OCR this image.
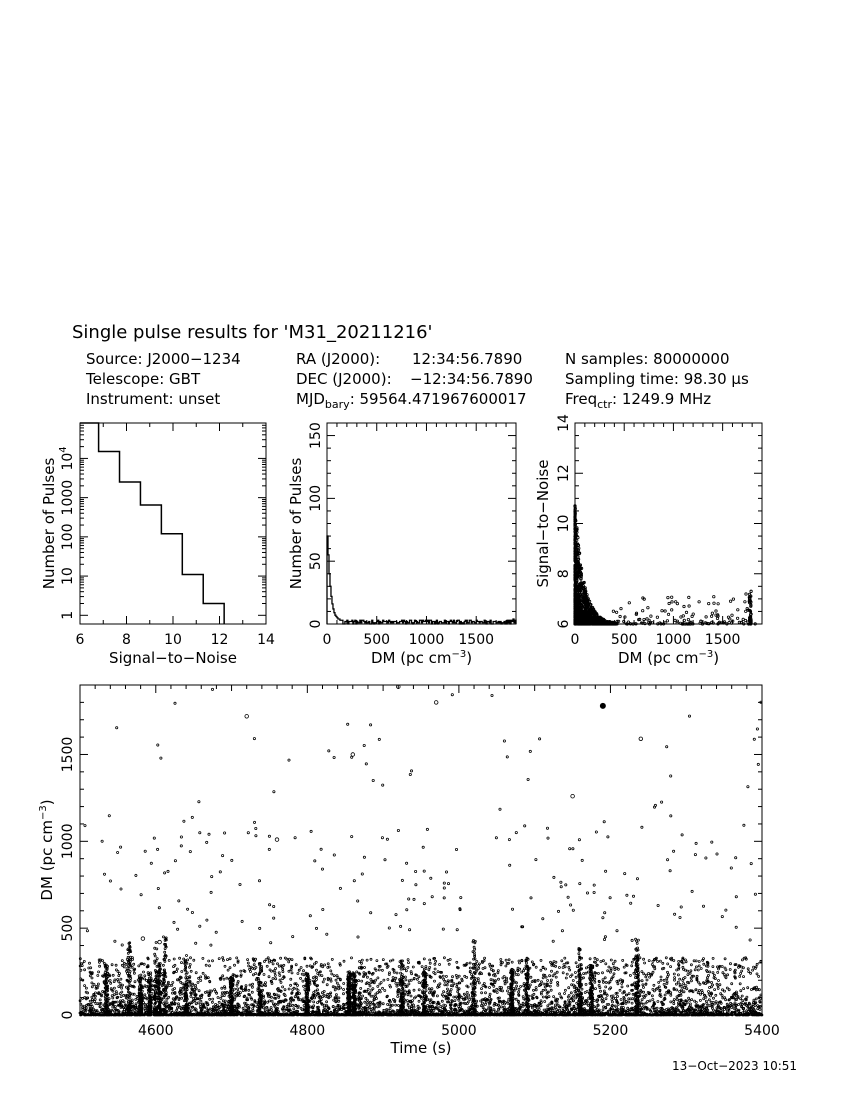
Single pulse results for 'M31_20211216'
Source: J2000−1234
Telescope: GBT
Instrument: unset
RA (J2000): 12:34:56.7890
DEC (J2000): −12:34:56.7890
$MJD_{bary}$: 59564.471967600017
N samples: 80000000
Sampling time: 98.30 μs
Freq$_{ctr}$: 1249.9 MHz
13−Oct−2023 10:51
6	8 10 12 14
1
10
100
1000
$10^4$
Signal−to−Noise
Number of Pulses
0 500 1000 1500
0
50
100
150
DM (pc $cm^{-3}$)
Number of Pulses
0 500 1000 1500
6
8
10
12
14
DM (pc $cm^{-3}$)
Signal−to−Noise
4600	4800	5000	5200	5400
0
500
1000
1500
Time (s)
DM (pc $cm^{-3}$)
